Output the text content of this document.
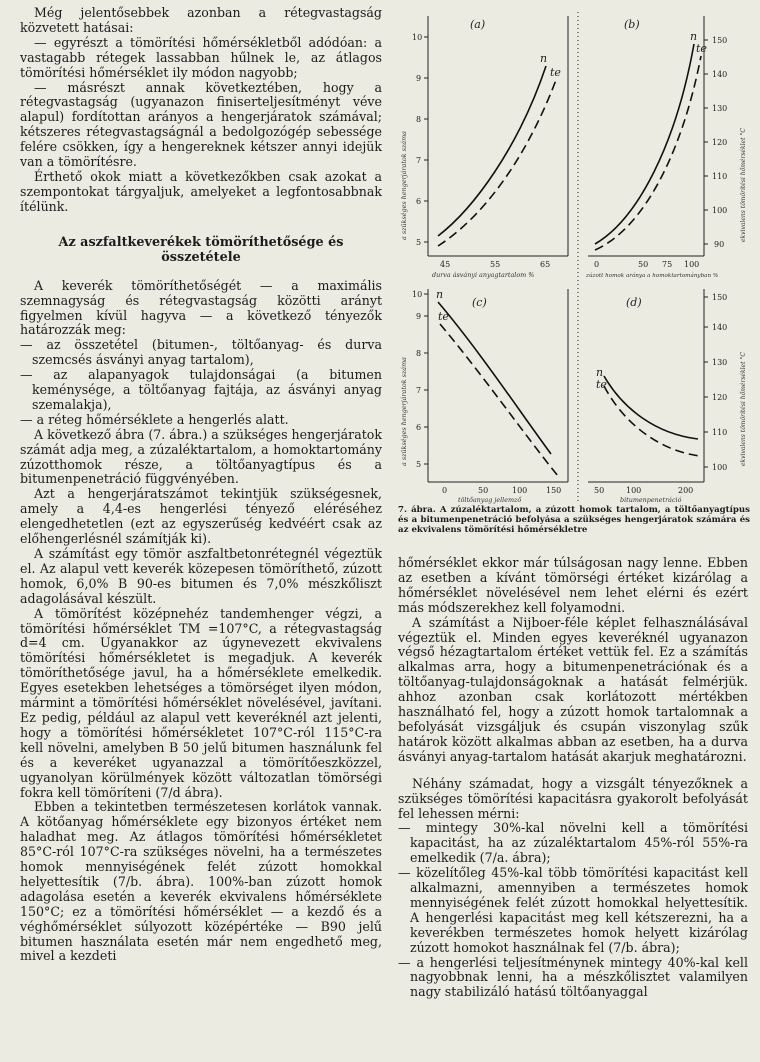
Még jelentősebbek azonban a rétegvastagság közvetett hatásai:

— egyrészt a tömörítési hőmérsékletből adódóan: a vastagabb rétegek lassabban hűlnek le, az átlagos tömörítési hőmérséklet ily módon nagyobb;

— másrészt annak következtében, hogy a rétegvastagság (ugyanazon finiserteljesítményt véve alapul) fordítottan arányos a hengerjáratok számával; kétszeres rétegvastagságnál a bedolgozógép sebessége felére csökken, így a hengereknek kétszer annyi idejük van a tömörítésre.

Érthető okok miatt a következőkben csak azokat a szempontokat tárgyaljuk, amelyeket a legfontosabbnak ítélünk.

Az aszfaltkeverékek tömöríthetősége és összetétele

A keverék tömöríthetőségét — a maximális szemnagyság és rétegvastagság közötti arányt figyelmen kívül hagyva — a következő tényezők határozzák meg:

— az összetétel (bitumen-, töltőanyag- és durva szemcsés ásványi anyag tartalom),

— az alapanyagok tulajdonságai (a bitumen keménysége, a töltőanyag fajtája, az ásványi anyag szemalakja),

— a réteg hőmérséklete a hengerlés alatt.

A következő ábra (7. ábra.) a szükséges hengerjáratok számát adja meg, a zúzaléktartalom, a homoktartomány zúzotthomok része, a töltőanyagtípus és a bitumenpenetráció függvényében.

Azt a hengerjáratszámot tekintjük szükségesnek, amely a 4,4-es hengerlési tényező eléréséhez elengedhetetlen (ezt az egyszerűség kedvéért csak az előhengerlésnél számítják ki).

A számítást egy tömör aszfaltbetonrétegnél végeztük el. Az alapul vett keverék közepesen tömöríthető, zúzott homok, 6,0% B 90-es bitumen és 7,0% mészkőliszt adagolásával készült.

A tömörítést középnehéz tandemhenger végzi, a tömörítési hőmérséklet TM =107°C, a rétegvastagság d=4 cm. Ugyanakkor az úgynevezett ekvivalens tömörítési hőmérsékletet is megadjuk. A keverék tömöríthetősége javul, ha a hőmérséklete emelkedik. Egyes esetekben lehetséges a tömörséget ilyen módon, mármint a tömörítési hőmérséklet növelésével, javítani. Ez pedig, például az alapul vett keveréknél azt jelenti, hogy a tömörítési hőmérsékletet 107°C-ról 115°C-ra kell növelni, amelyben B 50 jelű bitumen használunk fel és a keveréket ugyanazzal a tömörítőeszközzel, ugyanolyan körülmények között változatlan tömörségi fokra kell tömöríteni (7/d ábra).

Ebben a tekintetben természetesen korlátok vannak. A kötőanyag hőmérséklete egy bizonyos értéket nem haladhat meg. Az átlagos tömörítési hőmérsékletet 85°C-ról 107°C-ra szükséges növelni, ha a természetes homok mennyiségének felét zúzott homokkal helyettesítik (7/b. ábra). 100%-ban zúzott homok adagolása esetén a keverék ekvivalens hőmérséklete 150°C; ez a tömörítési hőmérséklet — a kezdő és a véghőmérséklet súlyozott középértéke — B90 jelű bitumen használata esetén már nem engedhető meg, mivel a kezdeti

(a)	(b)
(c)	(d)
n
te
n
te
n
te
n
te
5
6
7
8
9
10
45	55	65	0	50 75 100
90
100
110
120
130
140
150
5
6
7
8
9
10
0	50	100 150	50	100	200
100
110
120
130
140
150
durva ásványi anyagtartalom %	zúzott homok aránya a homoktartományban %
töltőanyag jellemző	bitumenpenetráció
a szükséges hengerjáratok száma	ekvivalens tömörítési hőmérséklet °C
a szükséges hengerjáratok száma	ekvivalens tömörítési hőmérséklet °C
7. ábra. A zúzaléktartalom, a zúzott homok tartalom, a töltőanyagtípus és a bitumenpenetráció befolyása a szükséges hengerjáratok számára és az ekvivalens tömörítési hőmérsékletre

hőmérséklet ekkor már túlságosan nagy lenne. Ebben az esetben a kívánt tömörségi értéket kizárólag a hőmérséklet növelésével nem lehet elérni és ezért más módszerekhez kell folyamodni.

A számítást a Nijboer-féle képlet felhasználásával végeztük el. Minden egyes keveréknél ugyanazon végső hézagtartalom értéket vettük fel. Ez a számítás alkalmas arra, hogy a bitumenpenetrációnak és a töltőanyag-tulajdonságoknak a hatását felmérjük. ahhoz azonban csak korlátozott mértékben használható fel, hogy a zúzott homok tartalomnak a befolyását vizsgáljuk és csupán viszonylag szűk határok között alkalmas abban az esetben, ha a durva ásványi anyag-tartalom hatását akarjuk meghatározni.

Néhány számadat, hogy a vizsgált tényezőknek a szükséges tömörítési kapacitásra gyakorolt befolyását fel lehessen mérni:

— mintegy 30%-kal növelni kell a tömörítési kapacitást, ha az zúzaléktartalom 45%-ról 55%-ra emelkedik (7/a. ábra);

— közelítőleg 45%-kal több tömörítési kapacitást kell alkalmazni, amennyiben a természetes homok mennyiségének felét zúzott homokkal helyettesítik. A hengerlési kapacitást meg kell kétszerezni, ha a keverékben természetes homok helyett kizárólag zúzott homokot használnak fel (7/b. ábra);

— a hengerlési teljesítménynek mintegy 40%-kal kell nagyobbnak lenni, ha a mészkőlisztet valamilyen nagy stabilizáló hatású töltőanyaggal
